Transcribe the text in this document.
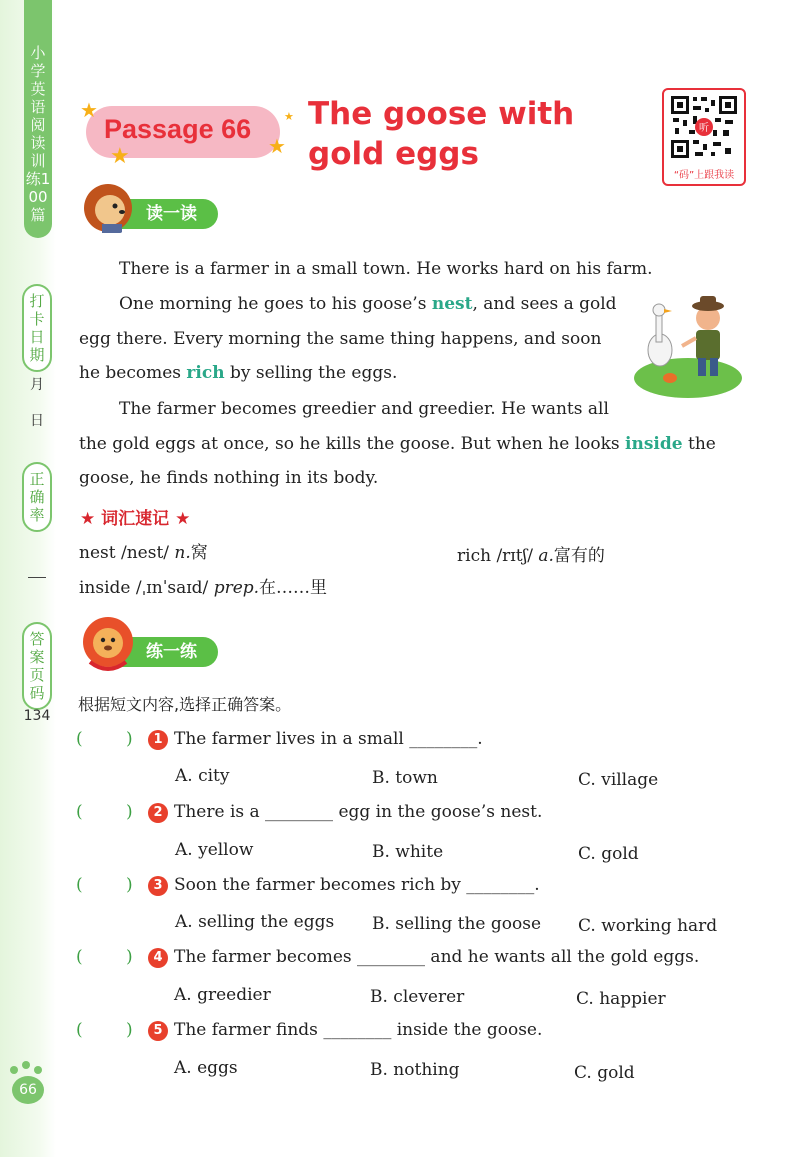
小学英语阅读训练100篇
打卡日期
月
日
正确率
答案页码
134
66
★
★	★
★
Passage 66 The goose with
gold eggs
听
“码”上跟我读
读一读
There is a farmer in a small town. He works hard on his farm.
One morning he goes to his goose’s nest, and sees a gold
egg there. Every morning the same thing happens, and soon
he becomes rich by selling the eggs.
The farmer becomes greedier and greedier. He wants all
the gold eggs at once, so he kills the goose. But when he looks inside the
goose, he finds nothing in its body.
★ 词汇速记 ★
nest /nest/ n.窝	rich /rɪtʃ/ a.富有的
inside /ˌɪnˈsaɪd/ prep.在……里
练一练
根据短文内容,选择正确答案。
(	)	1 The farmer lives in a small ________.
A. city	B. town	C. village
(	)	2 There is a ________ egg in the goose’s nest.
A. yellow	B. white	C. gold
(	)	3 Soon the farmer becomes rich by ________.
A. selling the eggs B. selling the goose C. working hard
(	)	4 The farmer becomes ________ and he wants all the gold eggs.
A. greedier	B. cleverer	C. happier
(	)	5 The farmer finds ________ inside the goose.
A. eggs	B. nothing	C. gold
